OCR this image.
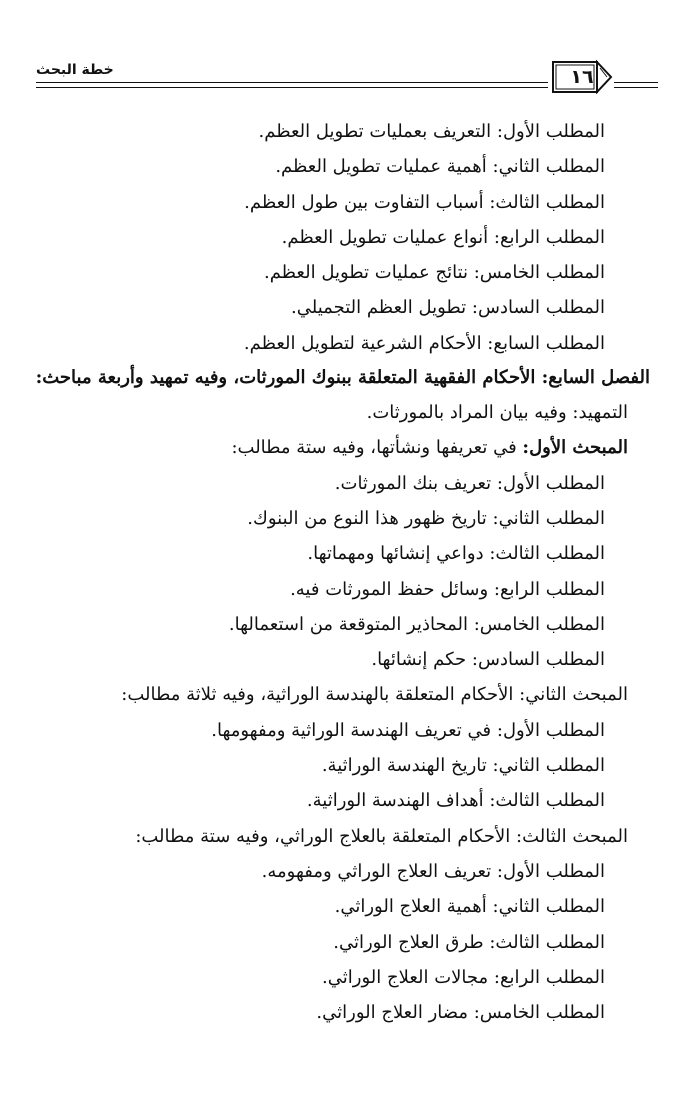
خطة البحث	١٦
المطلب الأول: التعريف بعمليات تطويل العظم.
المطلب الثاني: أهمية عمليات تطويل العظم.
المطلب الثالث: أسباب التفاوت بين طول العظم.
المطلب الرابع: أنواع عمليات تطويل العظم.
المطلب الخامس: نتائج عمليات تطويل العظم.
المطلب السادس: تطويل العظم التجميلي.
المطلب السابع: الأحكام الشرعية لتطويل العظم.
الفصل السابع: الأحكام الفقهية المتعلقة ببنوك المورثات، وفيه تمهيد وأربعة مباحث:
التمهيد: وفيه بيان المراد بالمورثات.
المبحث الأول: في تعريفها ونشأتها، وفيه ستة مطالب:
المطلب الأول: تعريف بنك المورثات.
المطلب الثاني: تاريخ ظهور هذا النوع من البنوك.
المطلب الثالث: دواعي إنشائها ومهماتها.
المطلب الرابع: وسائل حفظ المورثات فيه.
المطلب الخامس: المحاذير المتوقعة من استعمالها.
المطلب السادس: حكم إنشائها.
المبحث الثاني: الأحكام المتعلقة بالهندسة الوراثية، وفيه ثلاثة مطالب:
المطلب الأول: في تعريف الهندسة الوراثية ومفهومها.
المطلب الثاني: تاريخ الهندسة الوراثية.
المطلب الثالث: أهداف الهندسة الوراثية.
المبحث الثالث: الأحكام المتعلقة بالعلاج الوراثي، وفيه ستة مطالب:
المطلب الأول: تعريف العلاج الوراثي ومفهومه.
المطلب الثاني: أهمية العلاج الوراثي.
المطلب الثالث: طرق العلاج الوراثي.
المطلب الرابع: مجالات العلاج الوراثي.
المطلب الخامس: مضار العلاج الوراثي.
